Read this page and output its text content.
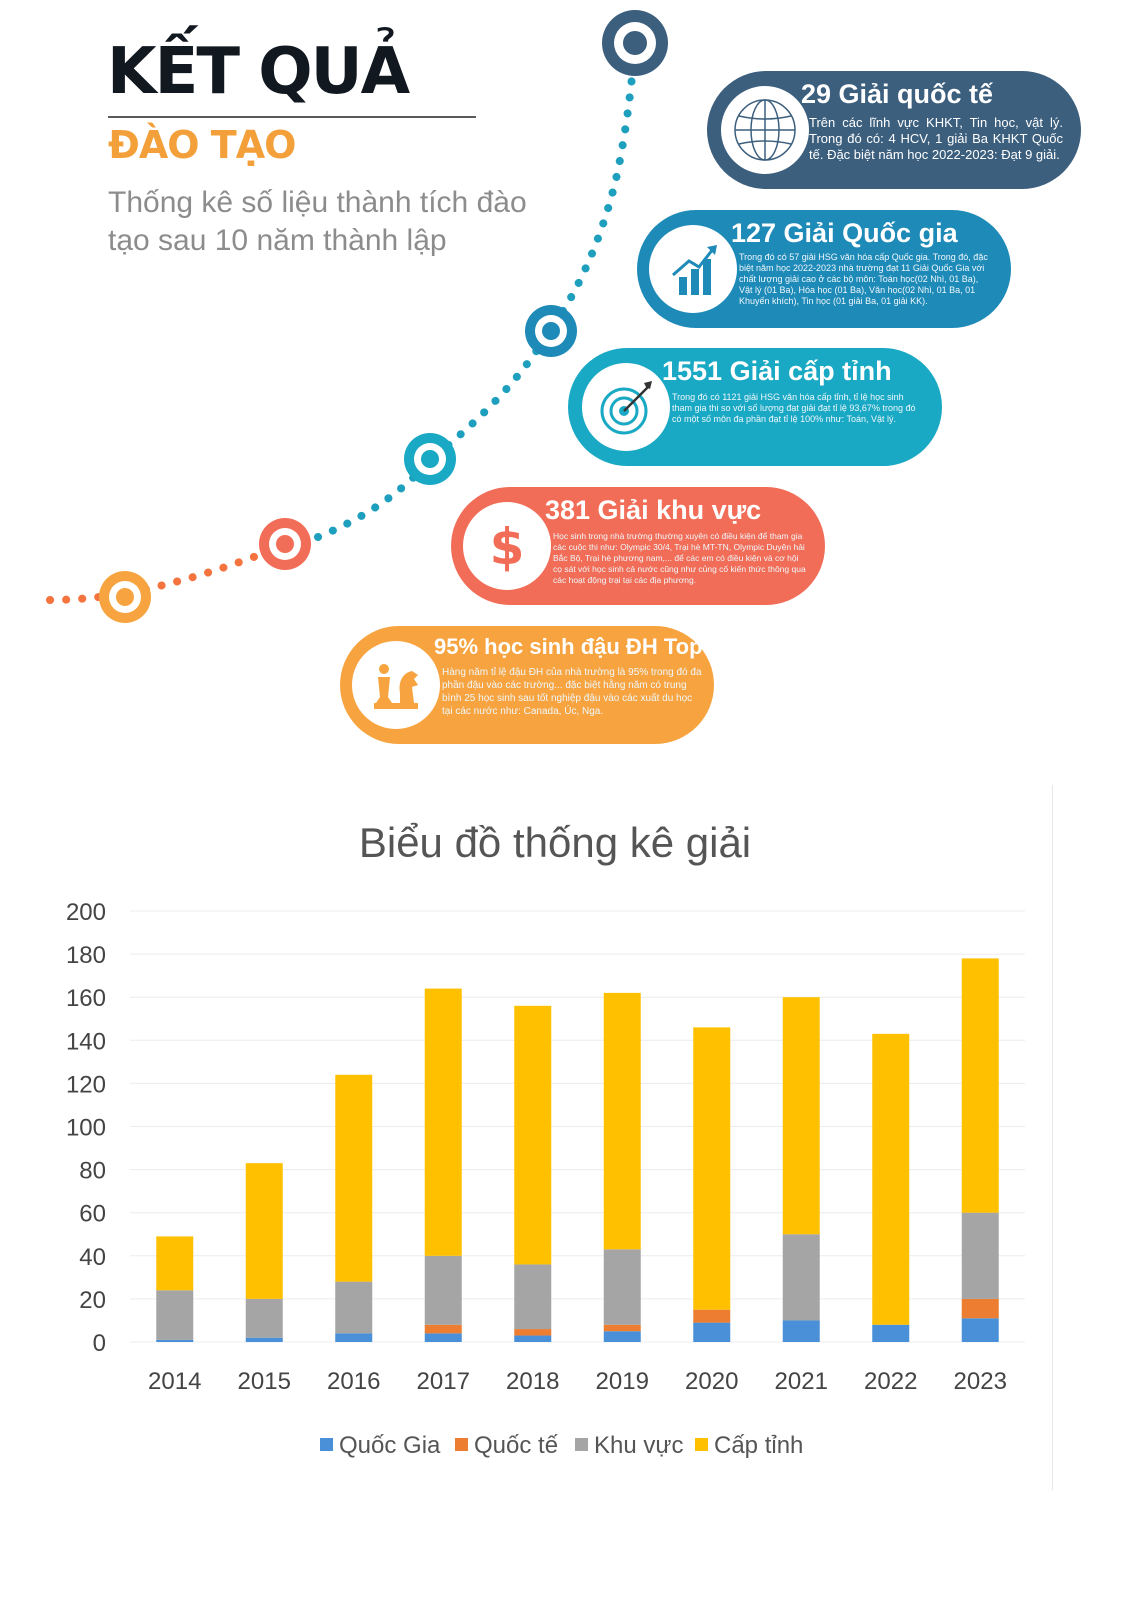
KẾT QUẢ
ĐÀO TẠO
Thống kê số liệu thành tích đào tạo sau 10 năm thành lập
29 Giải quốc tế
Trên các lĩnh vực KHKT, Tin học, vật lý. Trong đó có: 4 HCV, 1 giải Ba KHKT Quốc tế. Đặc biệt năm học 2022-2023: Đạt 9 giải.
127 Giải Quốc gia
Trong đó có 57 giải HSG văn hóa cấp Quốc gia. Trong đó, đặc biệt năm học 2022-2023 nhà trường đạt 11 Giải Quốc Gia với chất lượng giải cao ở các bộ môn: Toán học(02 Nhì, 01 Ba), Vật lý (01 Ba), Hóa học (01 Ba), Văn học(02 Nhì, 01 Ba, 01 Khuyến khích), Tin học (01 giải Ba, 01 giải KK).
1551 Giải cấp tỉnh
Trong đó có 1121 giải HSG văn hóa cấp tỉnh, tỉ lệ học sinh tham gia thi so với số lượng đạt giải đạt tỉ lệ 93,67% trong đó có một số môn đa phần đạt tỉ lệ 100% như: Toán, Vật lý.
$
381 Giải khu vực
Học sinh trong nhà trường thường xuyên có điều kiện để tham gia các cuộc thi như: Olympic 30/4, Trại hè MT-TN, Olympic Duyên hải Bắc Bộ, Trại hè phương nam,... để các em có điều kiện và cơ hội cọ sát với học sinh cả nước cũng như củng cố kiến thức thông qua các hoạt động trại tại các địa phương.
95% học sinh đậu ĐH Top đầu
Hàng năm tỉ lệ đậu ĐH của nhà trường là 95% trong đó đa phần đậu vào các trường... đặc biệt hằng năm có trung bình 25 học sinh sau tốt nghiệp đậu vào các xuất du học tại các nước như: Canada, Úc, Nga.
Biểu đồ thống kê giải
0
20
40
60
80
100
120
140
160
180
200
2014 2015 2016 2017 2018 2019 2020 2021 2022 2023
Quốc Gia Quốc tế Khu vực Cấp tỉnh
